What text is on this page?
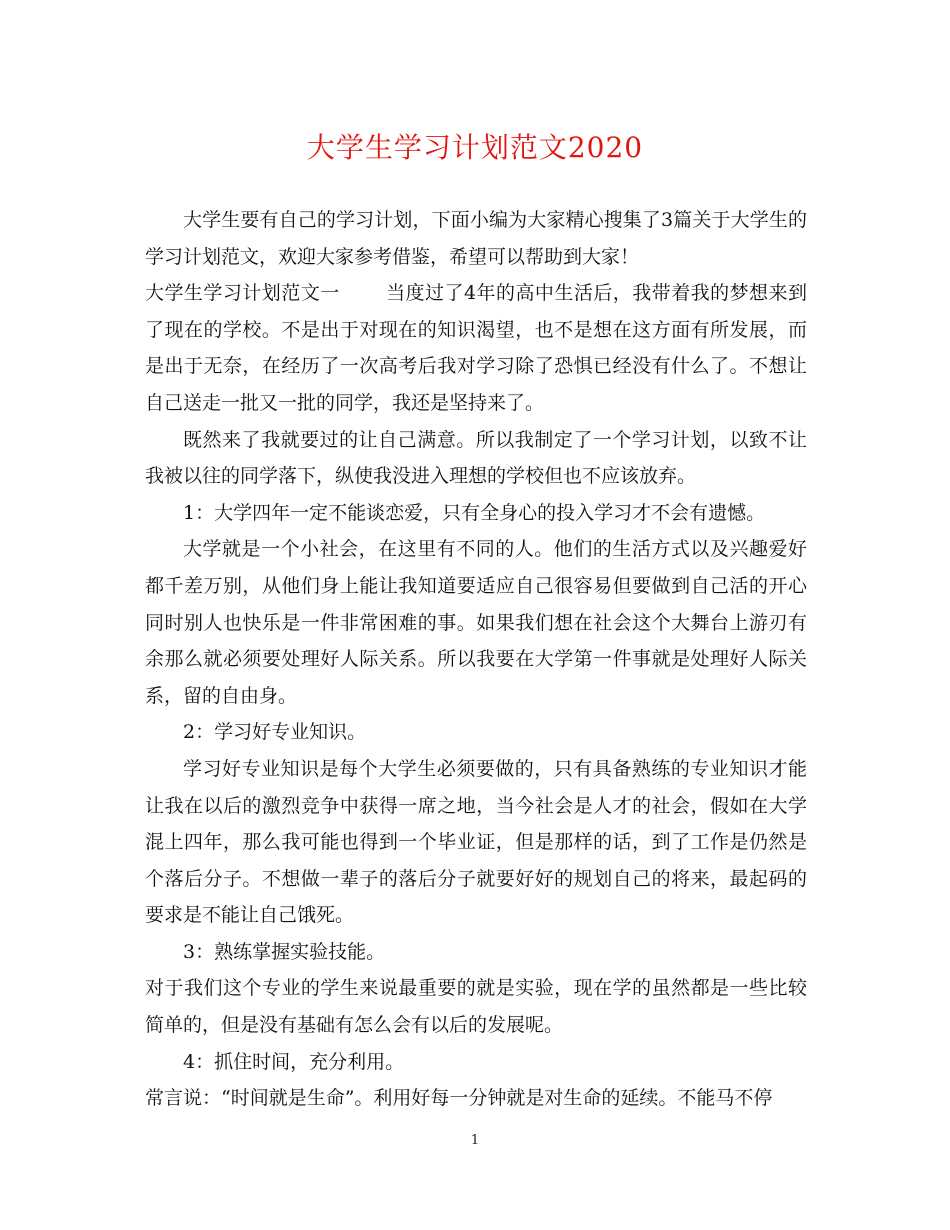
大学生学习计划范文2020

大学生要有自己的学习计划，下面小编为大家精心搜集了3篇关于大学生的学习计划范文，欢迎大家参考借鉴，希望可以帮助到大家！

大学生学习计划范文一 当度过了4年的高中生活后，我带着我的梦想来到了现在的学校。不是出于对现在的知识渴望，也不是想在这方面有所发展，而是出于无奈，在经历了一次高考后我对学习除了恐惧已经没有什么了。不想让自己送走一批又一批的同学，我还是坚持来了。

既然来了我就要过的让自己满意。所以我制定了一个学习计划，以致不让我被以往的同学落下，纵使我没进入理想的学校但也不应该放弃。

1：大学四年一定不能谈恋爱，只有全身心的投入学习才不会有遗憾。

大学就是一个小社会，在这里有不同的人。他们的生活方式以及兴趣爱好都千差万别，从他们身上能让我知道要适应自己很容易但要做到自己活的开心同时别人也快乐是一件非常困难的事。如果我们想在社会这个大舞台上游刃有余那么就必须要处理好人际关系。所以我要在大学第一件事就是处理好人际关系，留的自由身。

2：学习好专业知识。

学习好专业知识是每个大学生必须要做的，只有具备熟练的专业知识才能让我在以后的激烈竞争中获得一席之地，当今社会是人才的社会，假如在大学混上四年，那么我可能也得到一个毕业证，但是那样的话，到了工作是仍然是个落后分子。不想做一辈子的落后分子就要好好的规划自己的将来，最起码的要求是不能让自己饿死。

3：熟练掌握实验技能。

对于我们这个专业的学生来说最重要的就是实验，现在学的虽然都是一些比较简单的，但是没有基础有怎么会有以后的发展呢。

4：抓住时间，充分利用。

常言说：“时间就是生命”。利用好每一分钟就是对生命的延续。不能马不停

1
